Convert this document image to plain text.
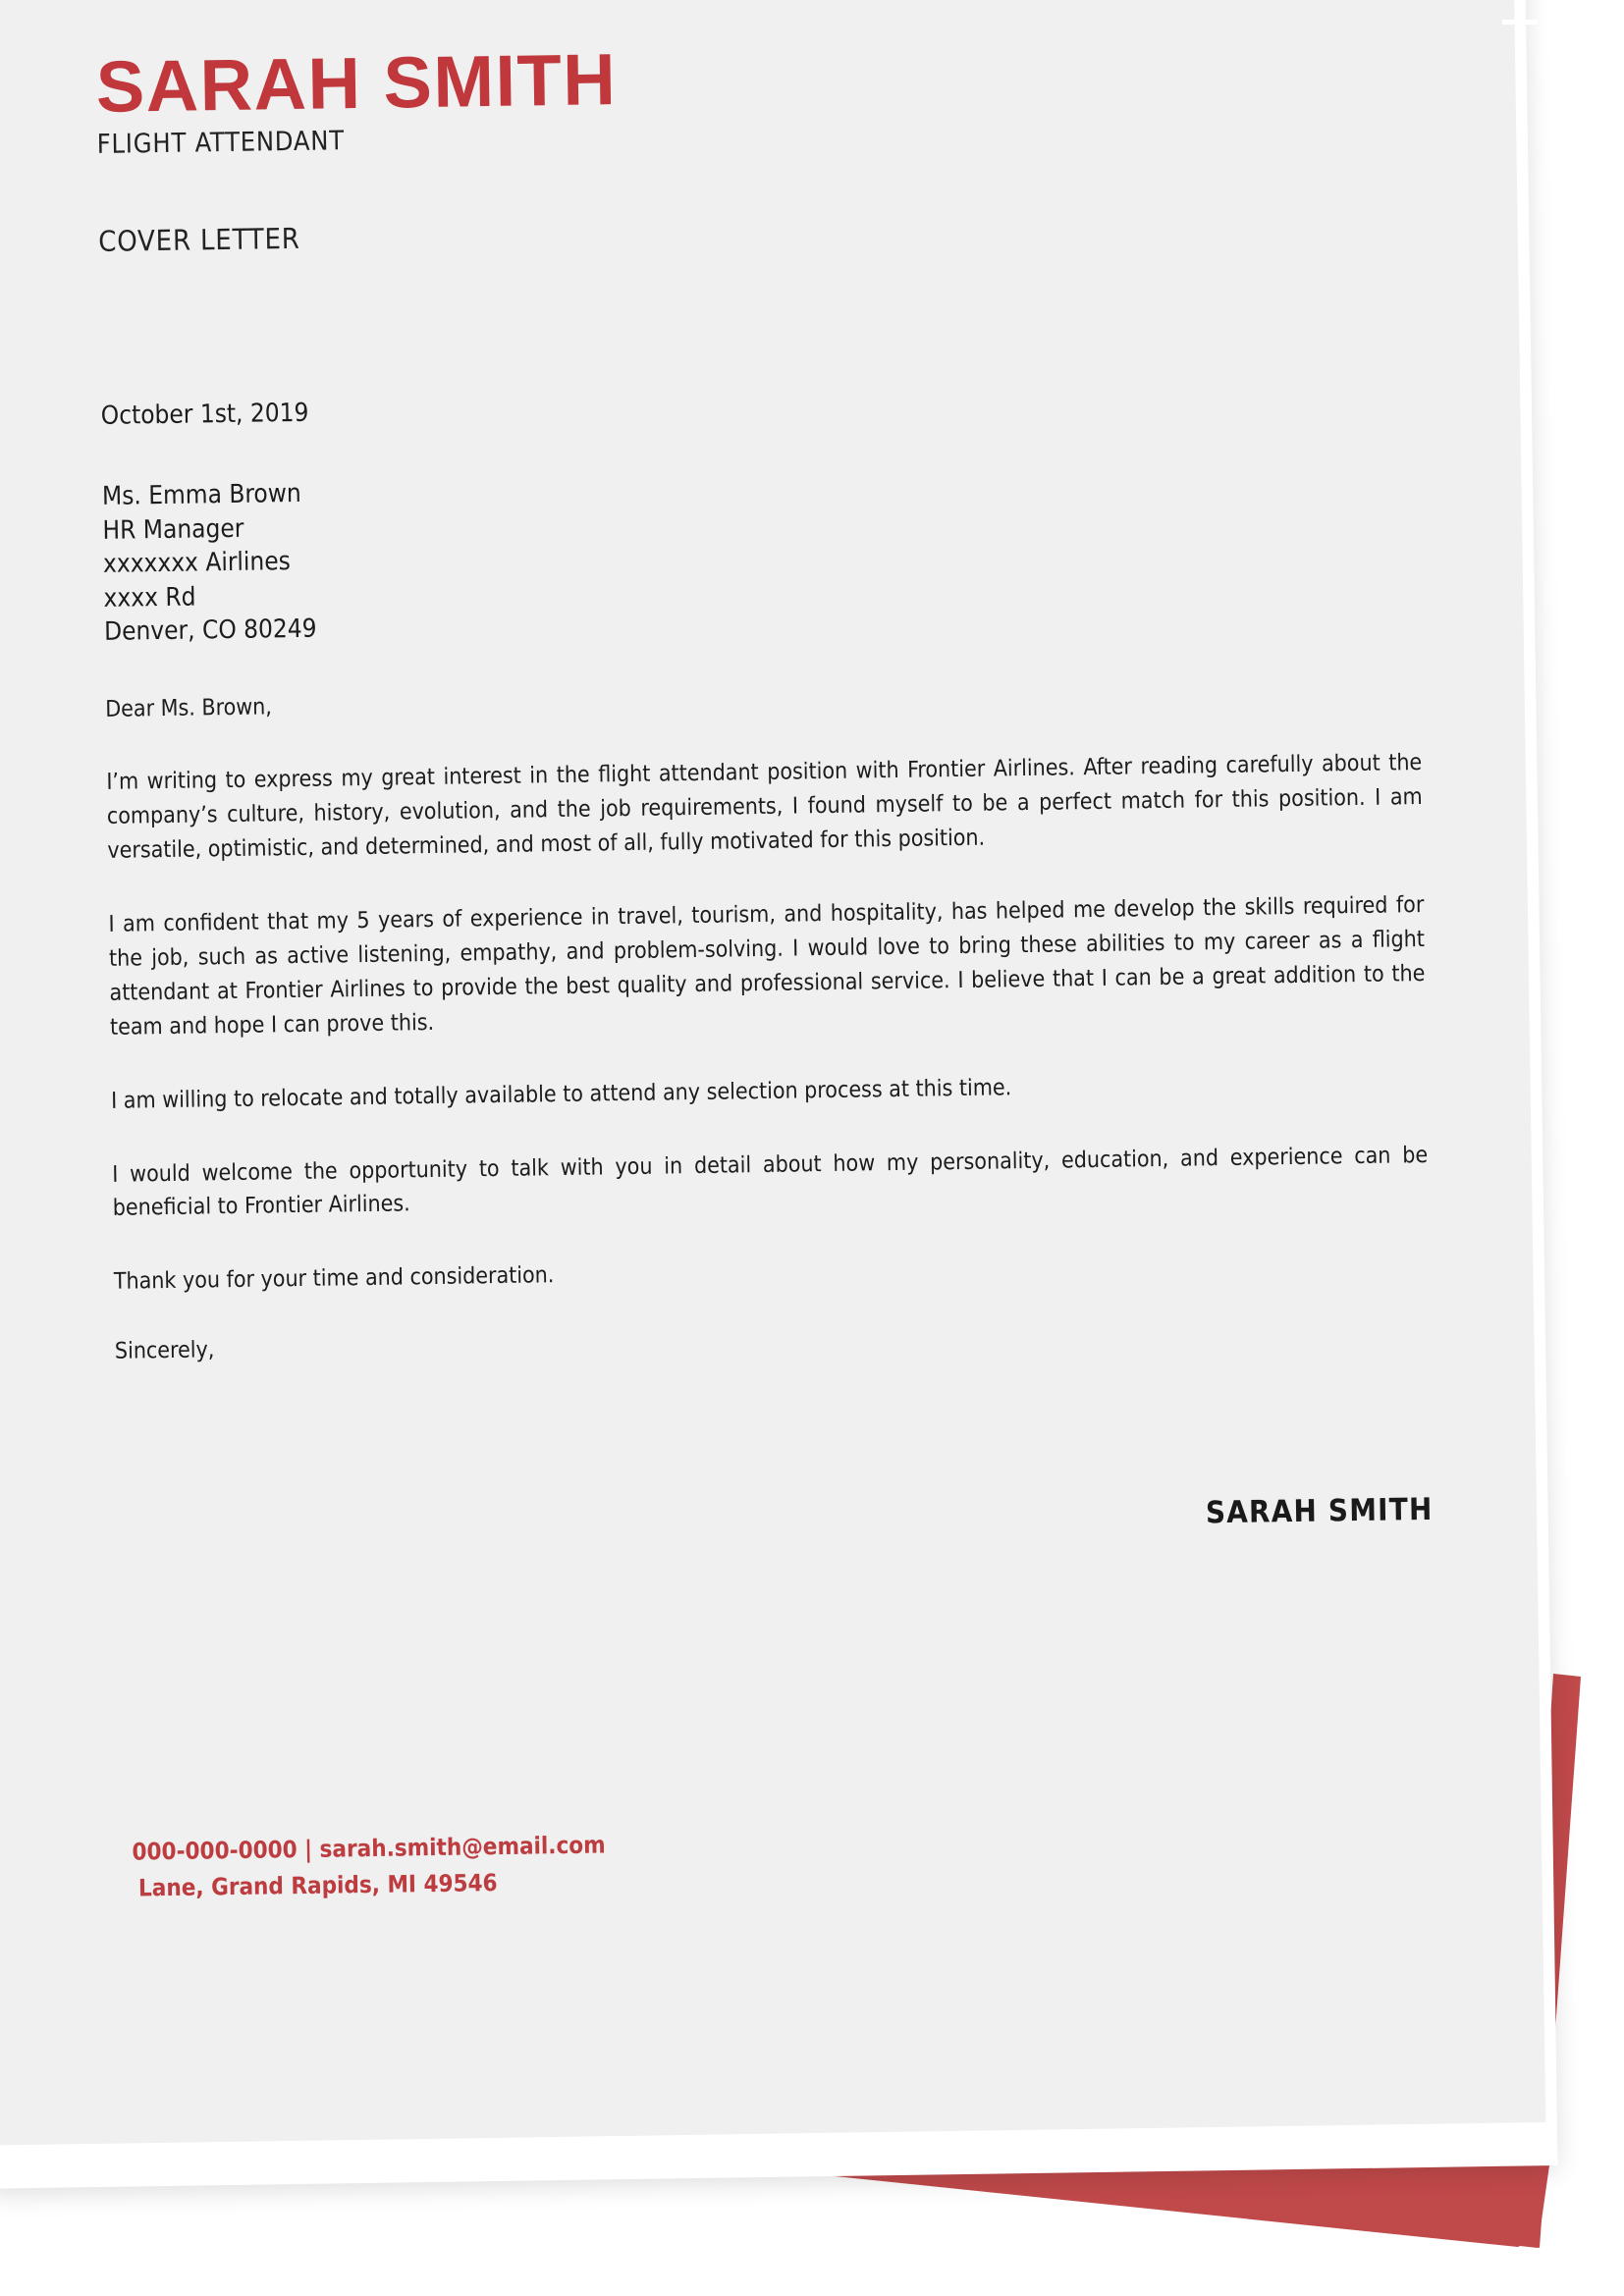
SARAH SMITH
FLIGHT ATTENDANT
COVER LETTER
October 1st, 2019
Ms. Emma Brown
HR Manager
xxxxxxx Airlines
xxxx Rd
Denver, CO 80249
Dear Ms. Brown,

I’m writing to express my great interest in the flight attendant position with Frontier Airlines. After reading carefully about the company’s culture, history, evolution, and the job requirements, I found myself to be a perfect match for this position. I am versatile, optimistic, and determined, and most of all, fully motivated for this position.

I am confident that my 5 years of experience in travel, tourism, and hospitality, has helped me develop the skills required for the job, such as active listening, empathy, and problem-solving. I would love to bring these abilities to my career as a flight attendant at Frontier Airlines to provide the best quality and professional service. I believe that I can be a great addition to the team and hope I can prove this.

I am willing to relocate and totally available to attend any selection process at this time.

I would welcome the opportunity to talk with you in detail about how my personality, education, and experience can be beneficial to Frontier Airlines.

Thank you for your time and consideration.

Sincerely,
SARAH SMITH
000-000-0000 | sarah.smith@email.com
Lane, Grand Rapids, MI 49546
